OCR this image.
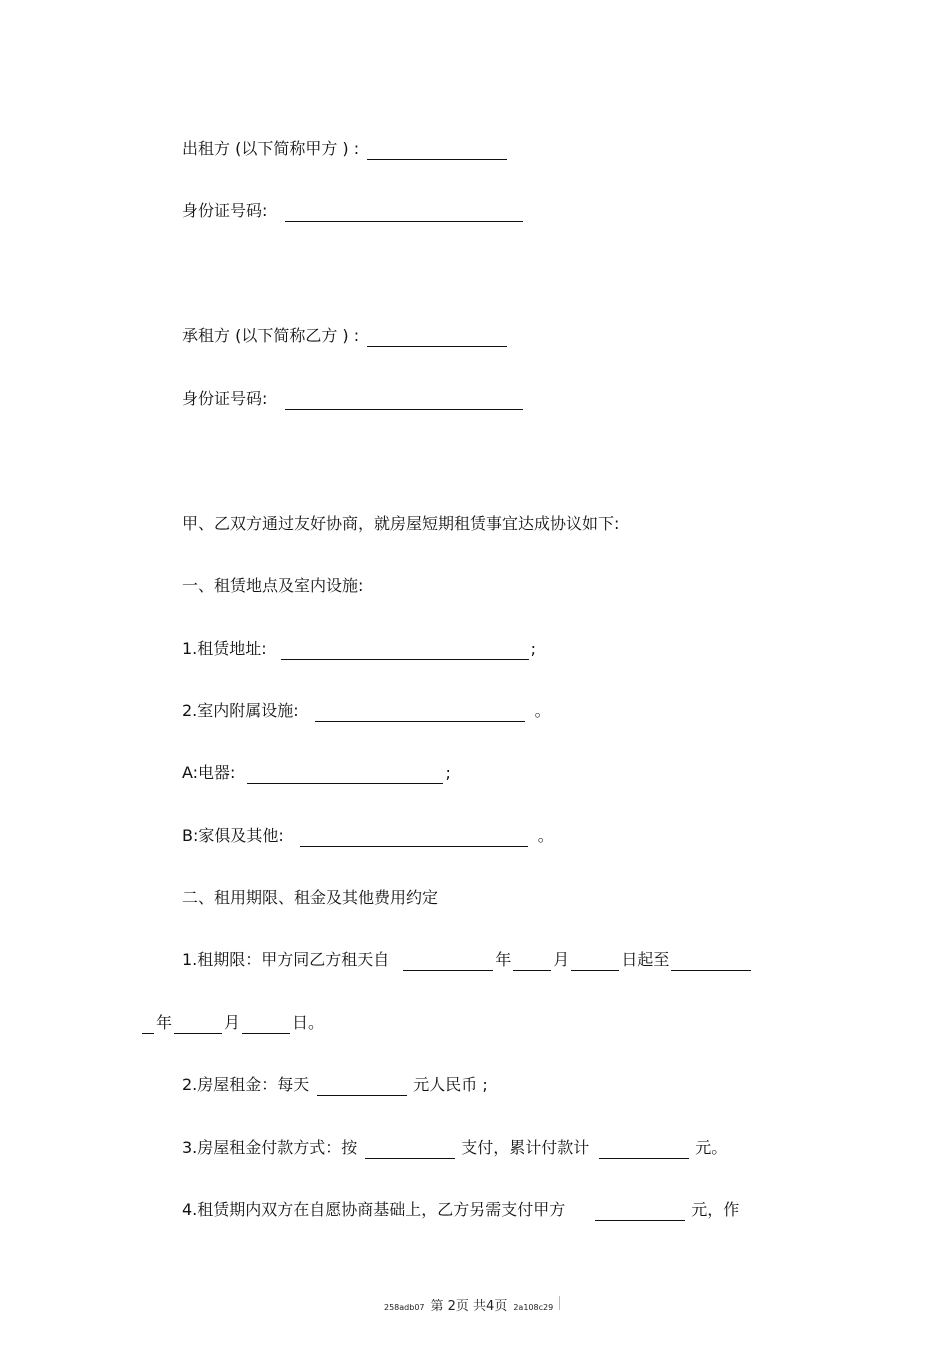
出租方 (以下简称甲方 ) :
身份证号码:
承租方 (以下简称乙方 ) :
身份证号码:
甲、乙双方通过友好协商，就房屋短期租赁事宜达成协议如下:
一、租赁地点及室内设施:
1.租赁地址:	;
2.室内附属设施:	。
A:电器:	;
B:家俱及其他:	。
二、租用期限、租金及其他费用约定
1.租期限：甲方同乙方租天自	年	月	日起至
年	月	日。
2.房屋租金：每天	元人民币 ;
3.房屋租金付款方式：按	支付，累计付款计	元。
4.租赁期内双方在自愿协商基础上，乙方另需支付甲方	元，作
258adb07 第 2页 共4页 2a108c29
